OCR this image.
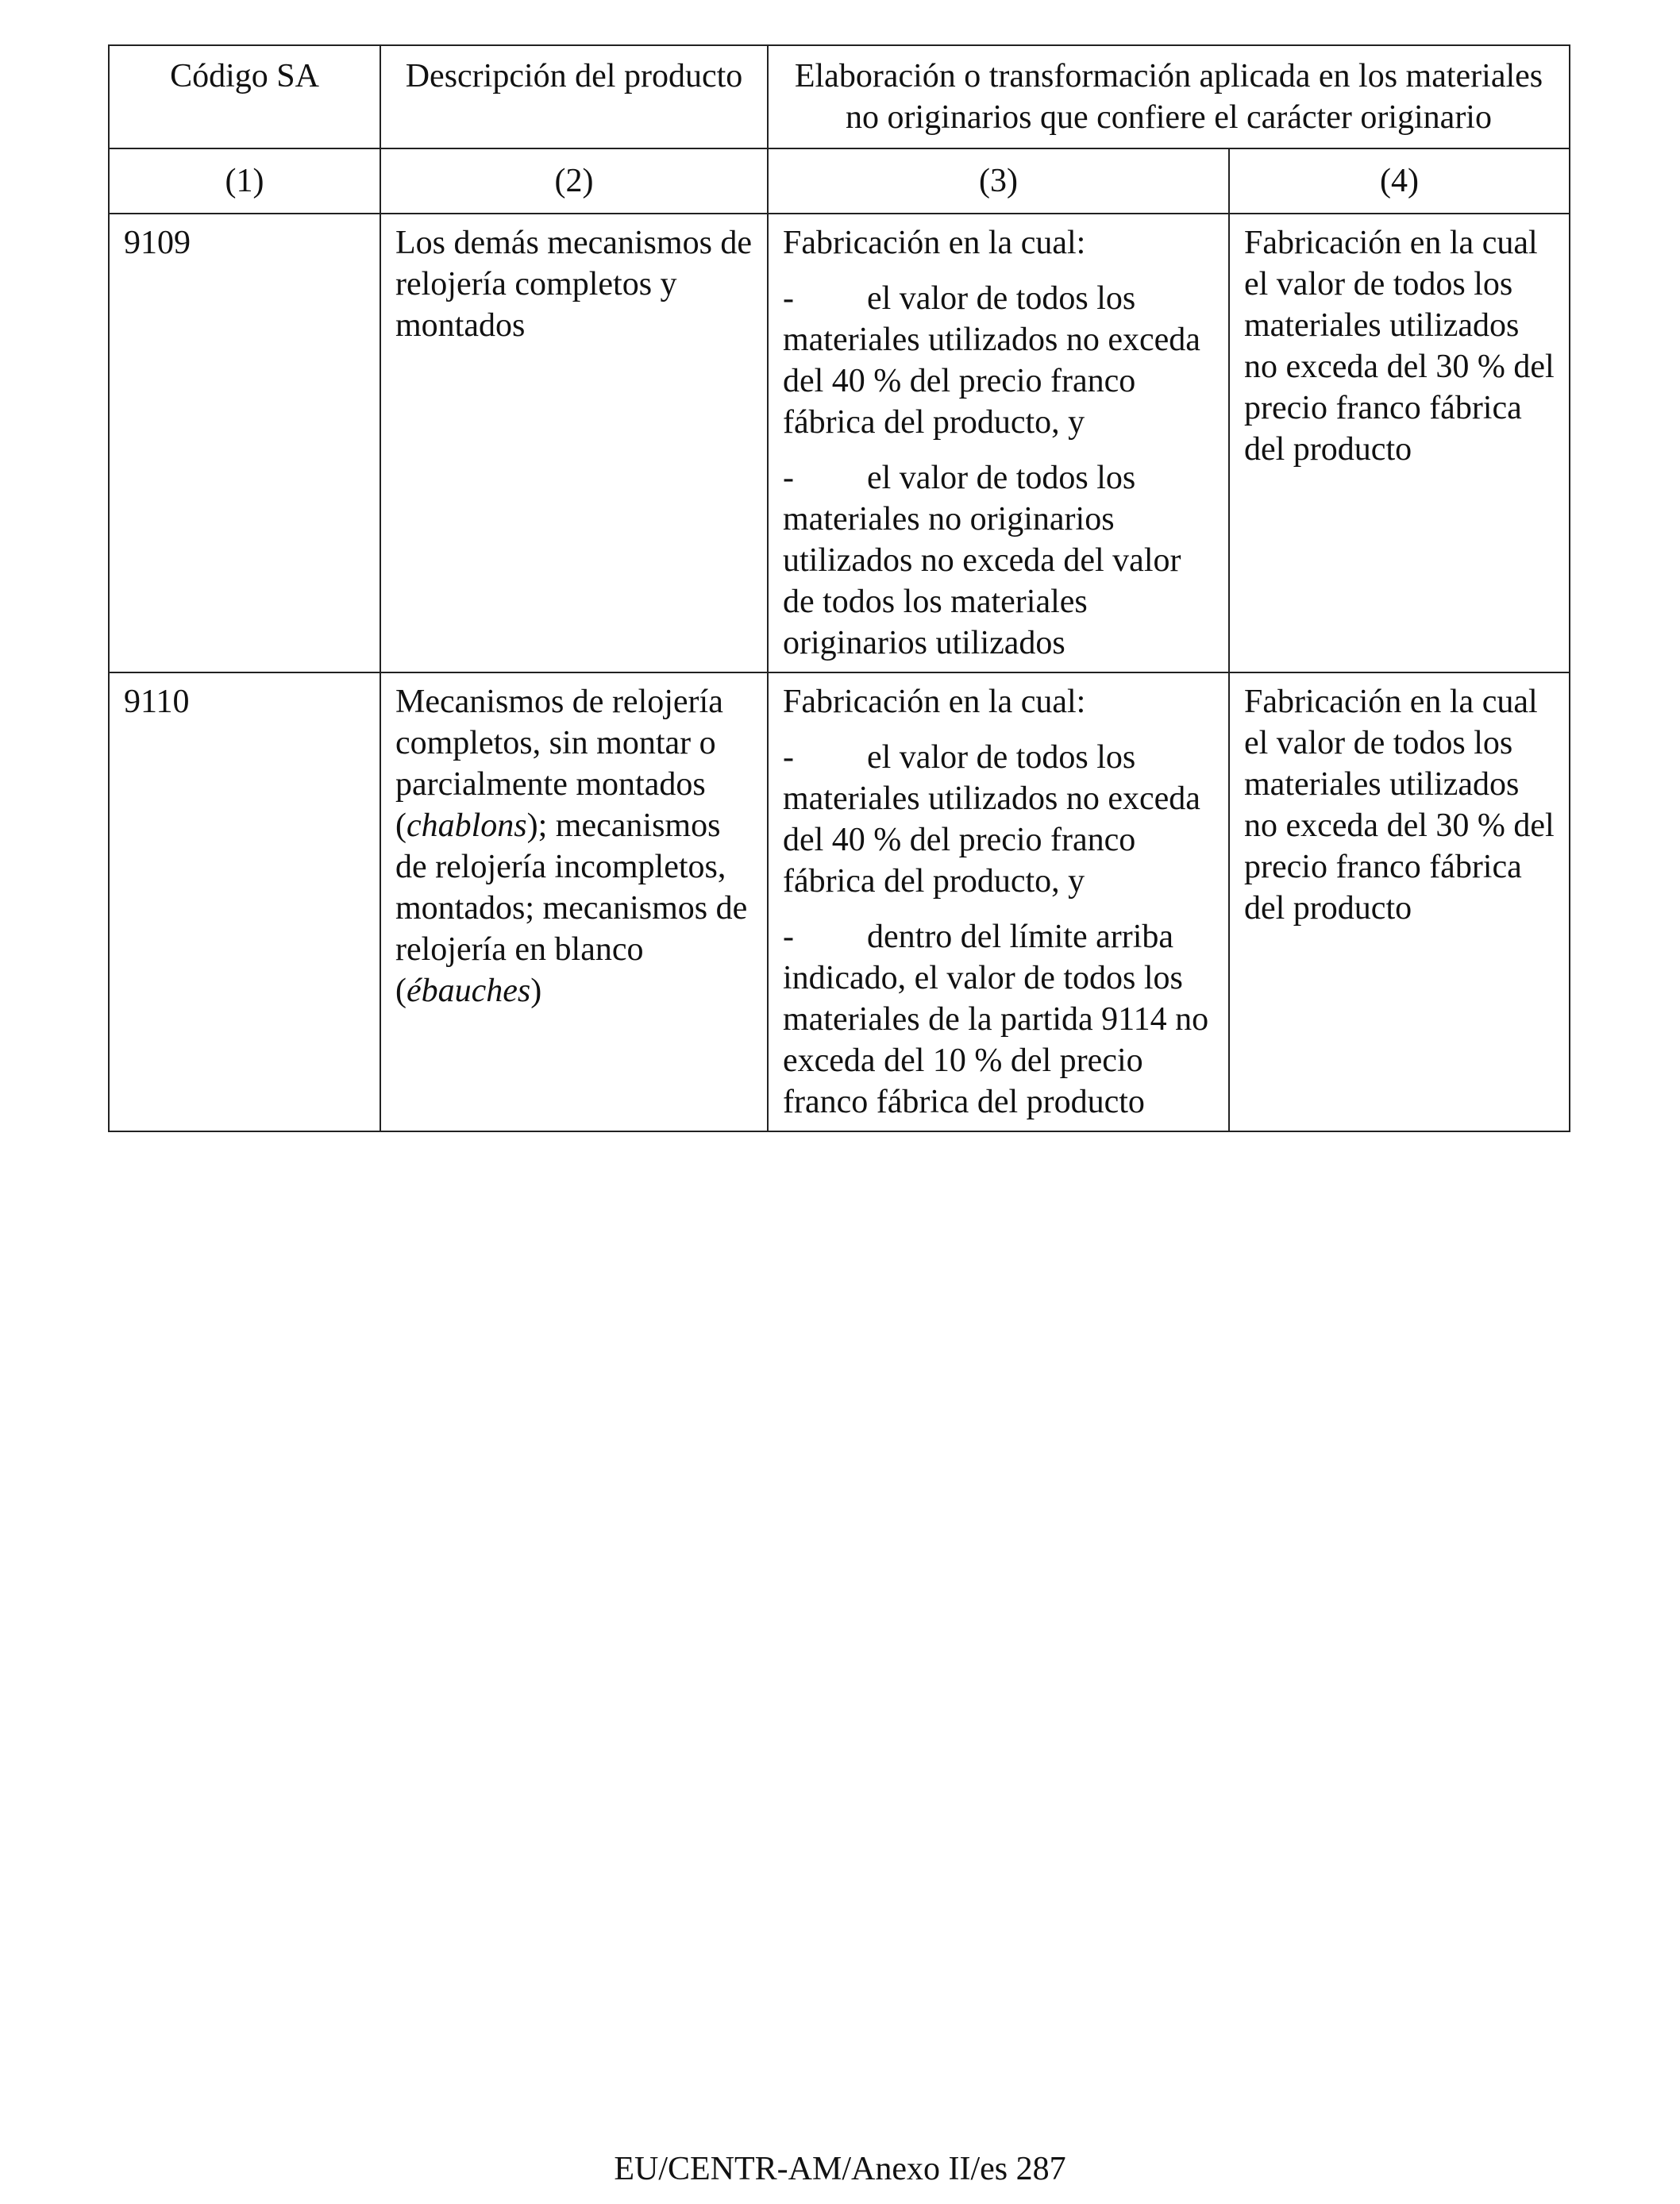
Código SA	Descripción del producto	Elaboración o transformación aplicada en los materiales no originarios que confiere el carácter originario	

(1)	(2)	(3)	(4)
9109	Los demás mecanismos de relojería completos y montados	Fabricación en la cual:
- el valor de todos los materiales utilizados no exceda del 40 % del precio franco fábrica del producto, y
- el valor de todos los materiales no originarios utilizados no exceda del valor de todos los materiales originarios utilizados	Fabricación en la cual el valor de todos los materiales utilizados no exceda del 30 % del precio franco fábrica del producto
9110	Mecanismos de relojería completos, sin montar o parcialmente montados (chablons); mecanismos de relojería incompletos, montados; mecanismos de relojería en blanco (ébauches)	Fabricación en la cual:
- el valor de todos los materiales utilizados no exceda del 40 % del precio franco fábrica del producto, y
- dentro del límite arriba indicado, el valor de todos los materiales de la partida 9114 no exceda del 10 % del precio franco fábrica del producto	Fabricación en la cual el valor de todos los materiales utilizados no exceda del 30 % del precio franco fábrica del producto
EU/CENTR-AM/Anexo II/es 287
